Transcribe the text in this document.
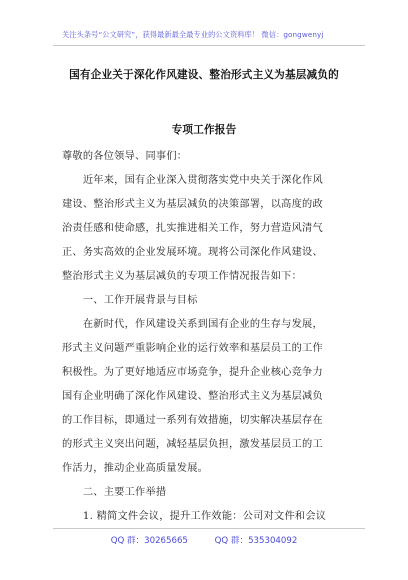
关注头条号“公文研究”，获得最新最全最专业的公文资料库！ 微信：gongwenyj
国有企业关于深化作风建设、整治形式主义为基层减负的
专项工作报告
尊敬的各位领导、同事们：
　　近年来，国有企业深入贯彻落实党中央关于深化作风
建设、整治形式主义为基层减负的决策部署，以高度的政
治责任感和使命感，扎实推进相关工作，努力营造风清气
正、务实高效的企业发展环境。现将公司深化作风建设、
整治形式主义为基层减负的专项工作情况报告如下：
　　一、工作开展背景与目标
　　在新时代，作风建设关系到国有企业的生存与发展，
形式主义问题严重影响企业的运行效率和基层员工的工作
积极性。为了更好地适应市场竞争，提升企业核心竞争力
国有企业明确了深化作风建设、整治形式主义为基层减负
的工作目标，即通过一系列有效措施，切实解决基层存在
的形式主义突出问题，减轻基层负担，激发基层员工的工
作活力，推动企业高质量发展。
　　二、主要工作举措
　　1. 精简文件会议，提升工作效能：公司对文件和会议
QQ 群：30265665	QQ 群：535304092
